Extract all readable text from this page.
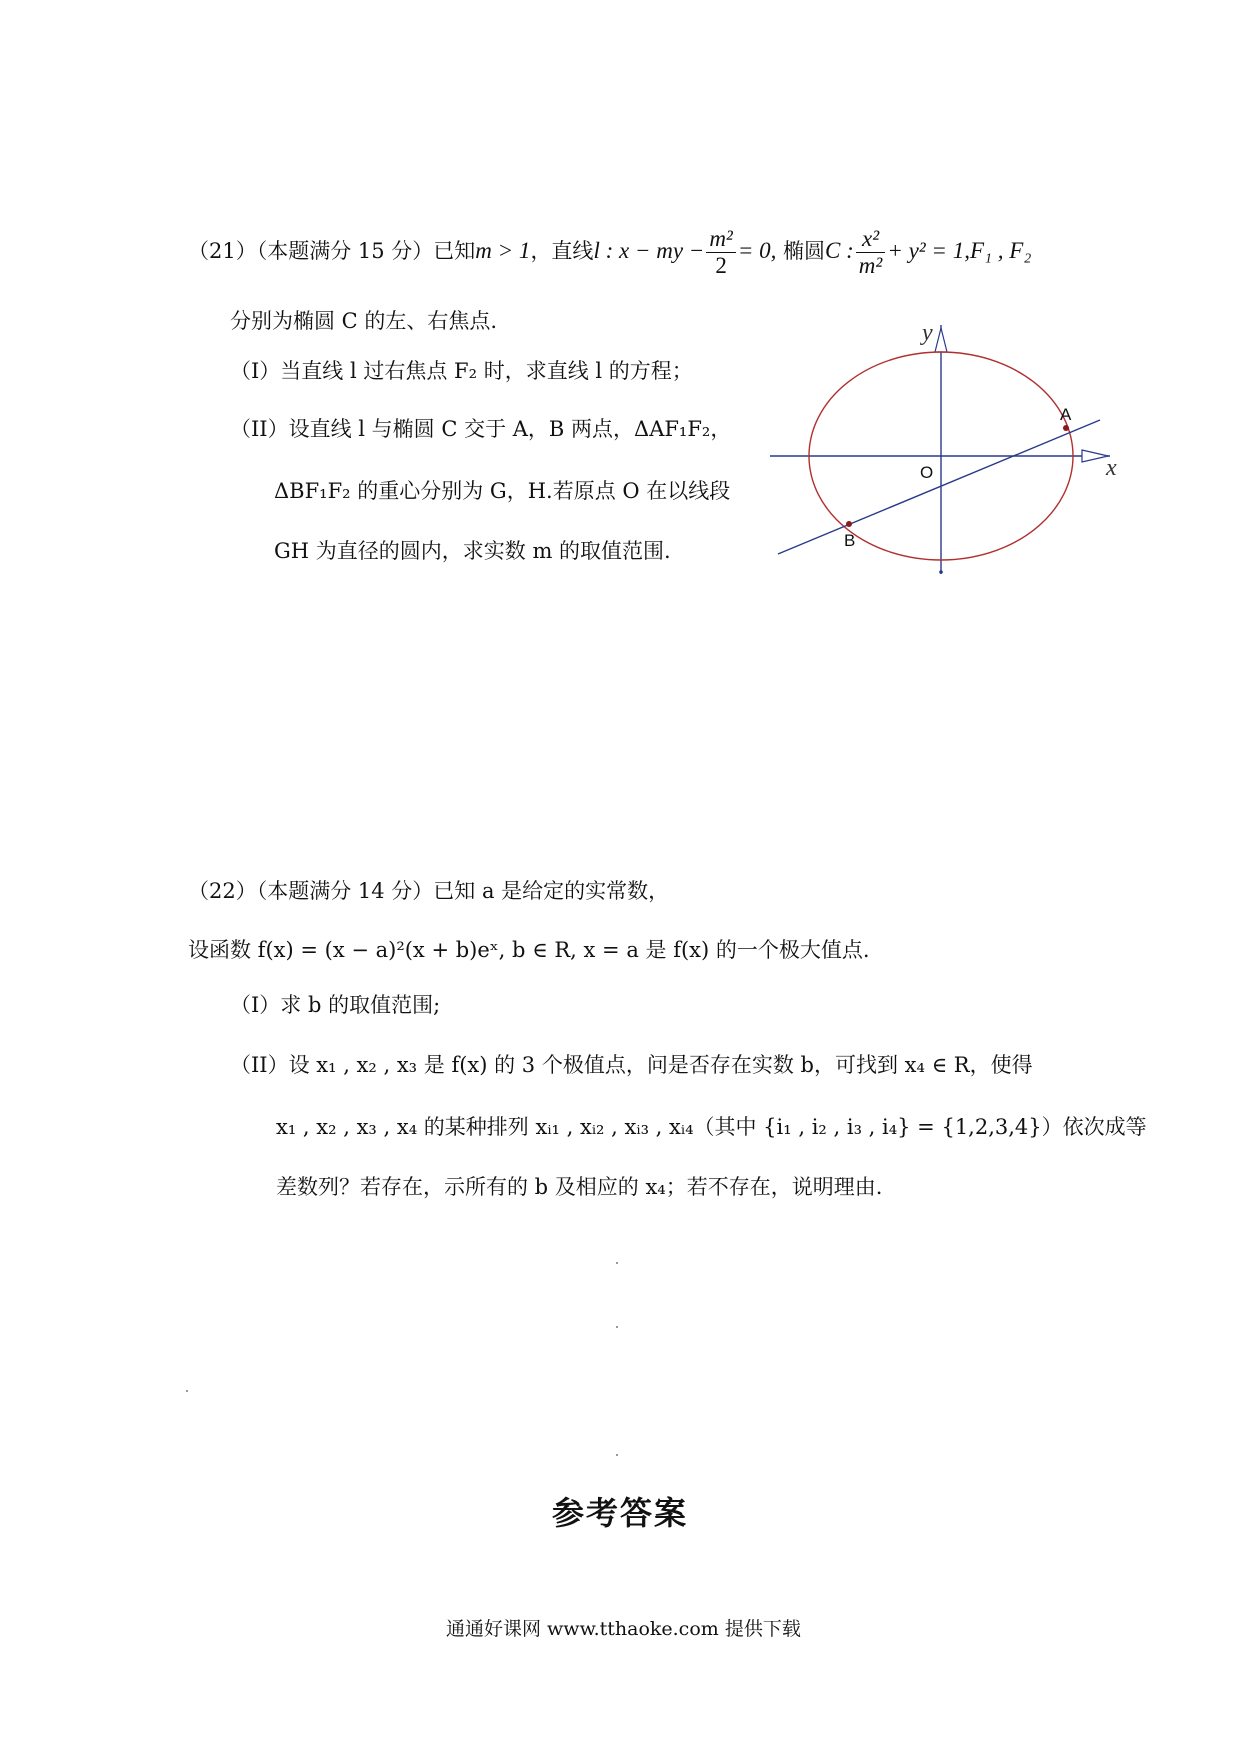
（21）（本题满分 15 分）已知m > 1，直线l : x − my − $\frac{\text{m²}}{2} = 0$, 椭圆C : $\frac{\text{x²}}{\text{m²}} + y^2 = 1,F_1$ , F₂
分别为椭圆 C 的左、右焦点.
（I）当直线 l 过右焦点 F₂ 时，求直线 l 的方程；
（II）设直线 l 与椭圆 C 交于 A，B 两点，ΔAF₁F₂，
ΔBF₁F₂ 的重心分别为 G，H.若原点 O 在以线段
GH 为直径的圆内，求实数 m 的取值范围.
y
x
O
A
B
（22）（本题满分 14 分）已知 a 是给定的实常数，
设函数 f(x) = (x − a)²(x + b)eˣ, b ∈ R, x = a 是 f(x) 的一个极大值点.
（I）求 b 的取值范围;
（II）设 x₁ , x₂ , x₃ 是 f(x) 的 3 个极值点，问是否存在实数 b，可找到 x₄ ∈ R，使得
x₁ , x₂ , x₃ , x₄ 的某种排列 xᵢ₁ , xᵢ₂ , xᵢ₃ , xᵢ₄（其中 {i₁ , i₂ , i₃ , i₄} = {1,2,3,4}）依次成等
差数列？若存在，示所有的 b 及相应的 x₄；若不存在，说明理由.
参考答案
通通好课网 www.tthaoke.com 提供下载
